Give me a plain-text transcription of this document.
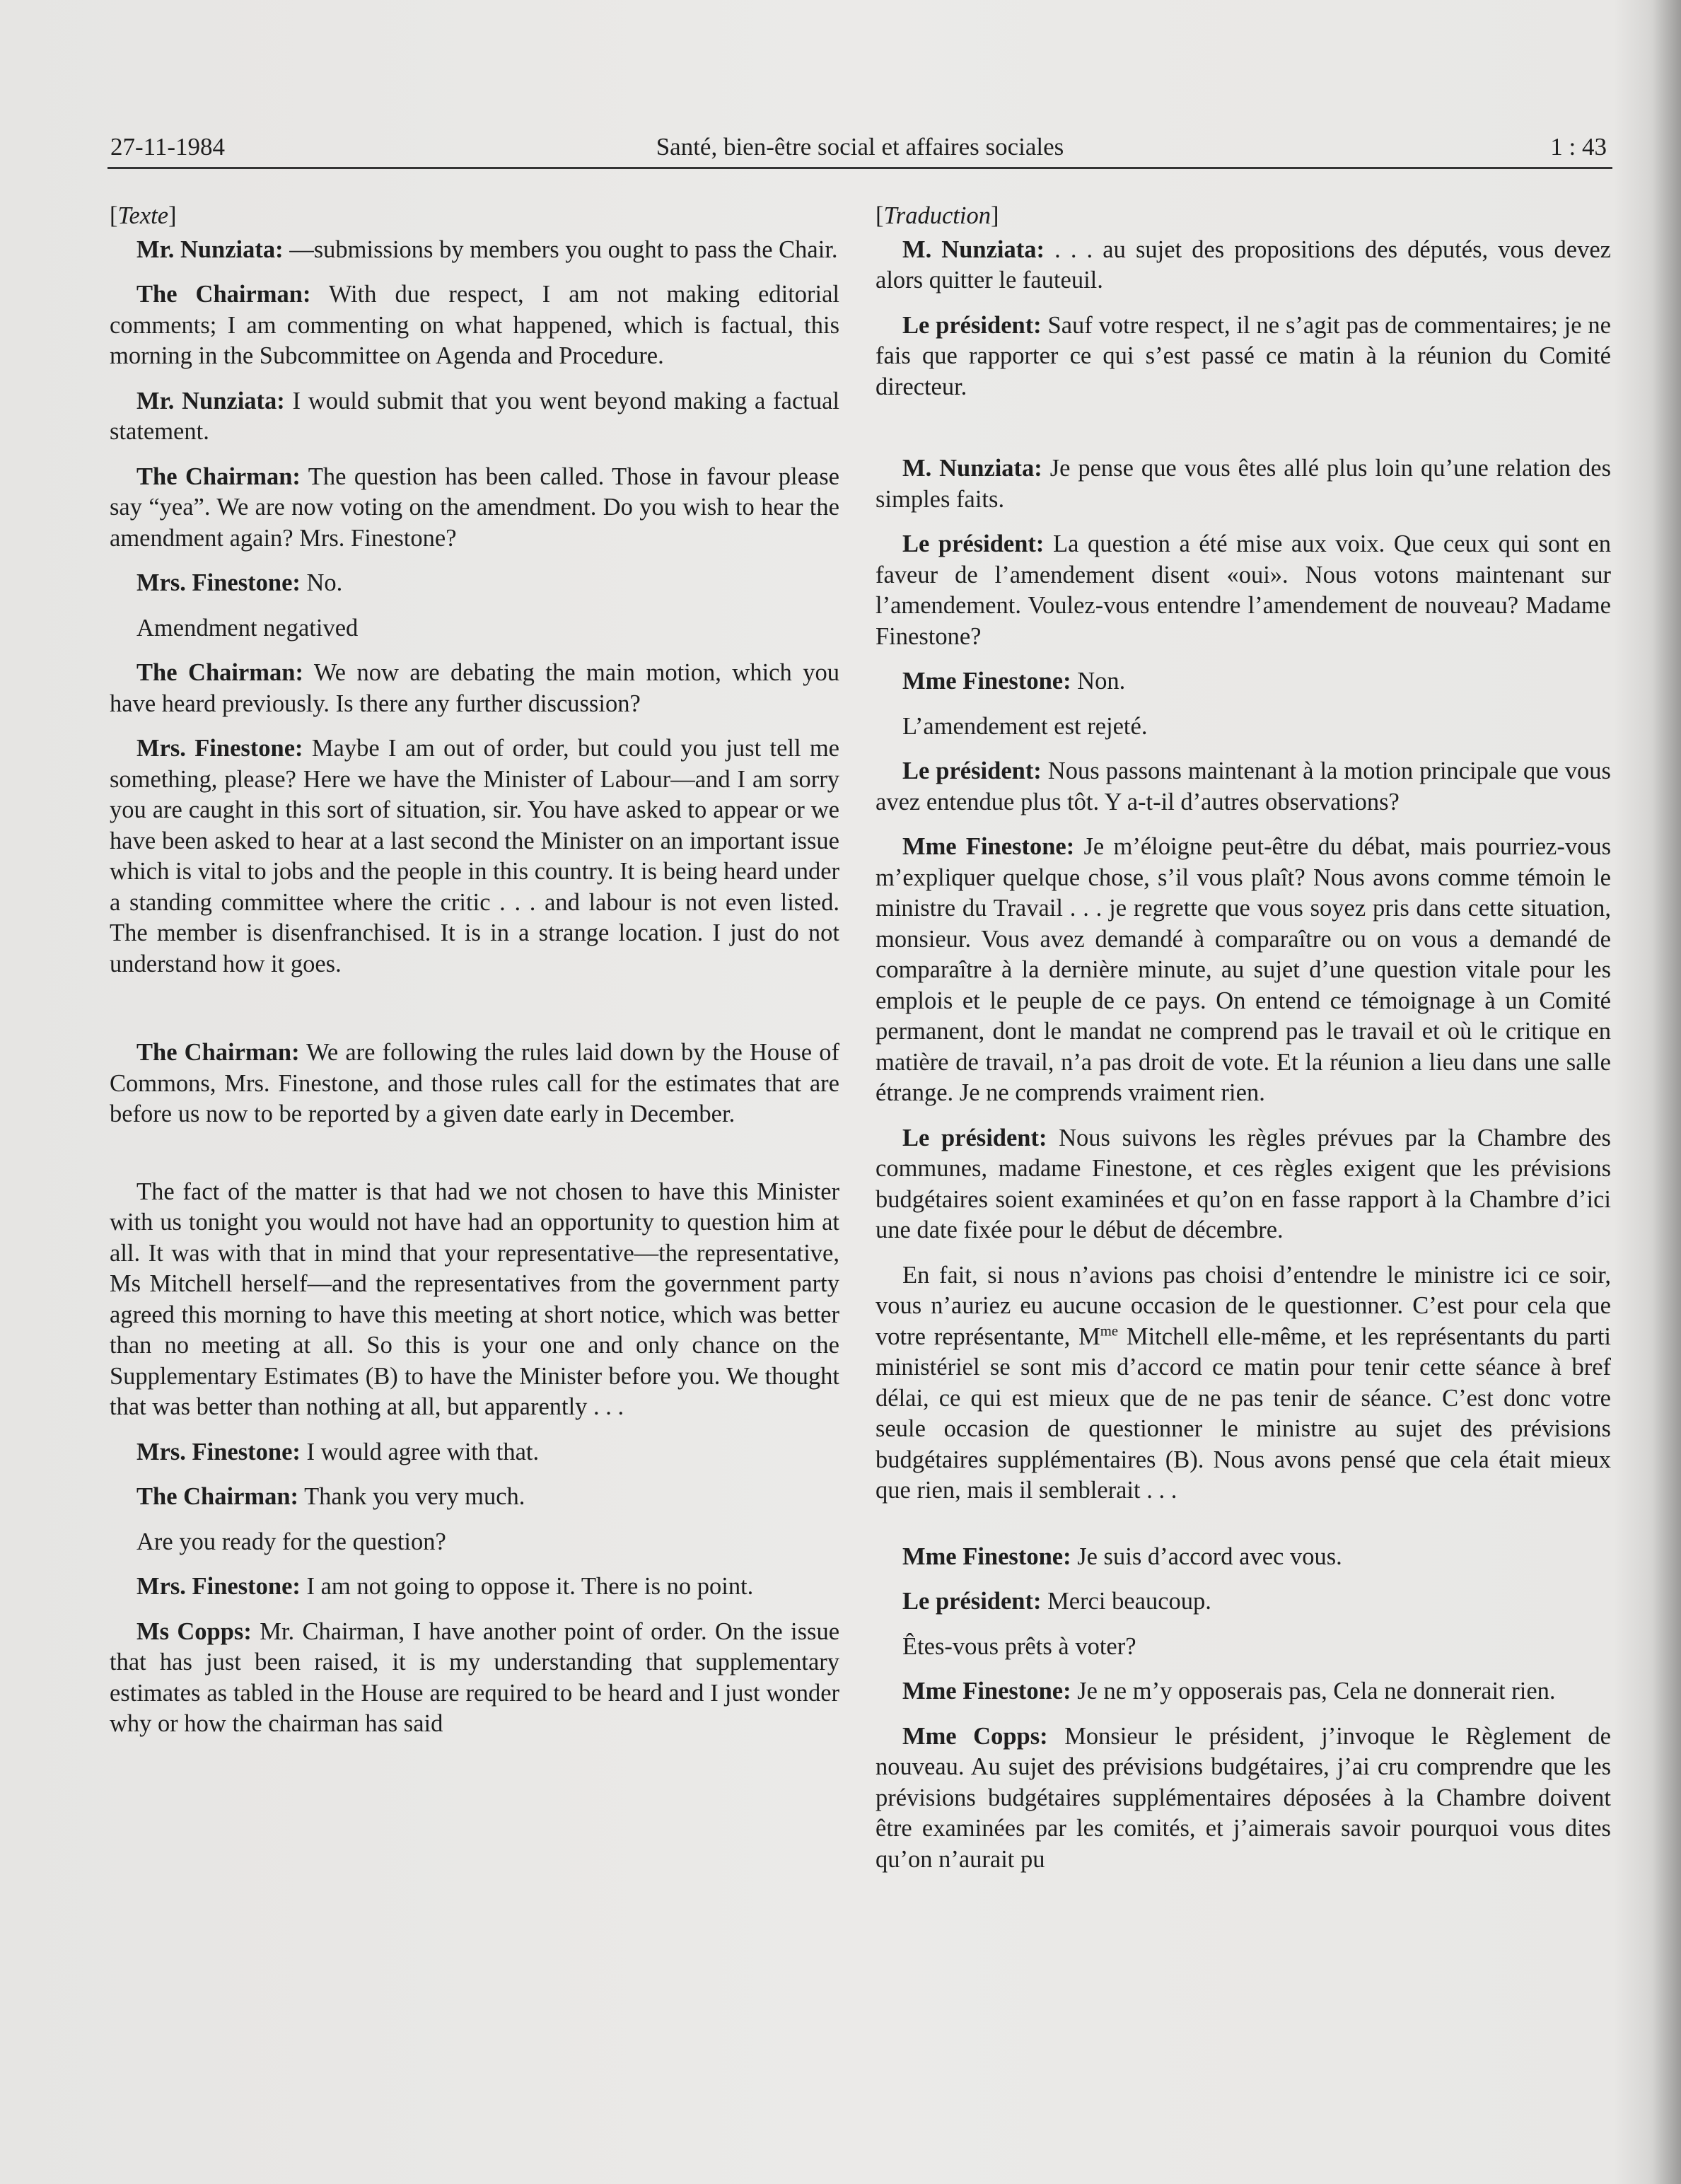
27-11-1984	Santé, bien-être social et affaires sociales	1 : 43
[Texte]

Mr. Nunziata: —submissions by members you ought to pass the Chair.

The Chairman: With due respect, I am not making editorial comments; I am commenting on what happened, which is factual, this morning in the Subcommittee on Agenda and Procedure.

Mr. Nunziata: I would submit that you went beyond making a factual statement.

The Chairman: The question has been called. Those in favour please say “yea”. We are now voting on the amendment. Do you wish to hear the amendment again? Mrs. Finestone?

Mrs. Finestone: No.

Amendment negatived

The Chairman: We now are debating the main motion, which you have heard previously. Is there any further discussion?

Mrs. Finestone: Maybe I am out of order, but could you just tell me something, please? Here we have the Minister of Labour—and I am sorry you are caught in this sort of situation, sir. You have asked to appear or we have been asked to hear at a last second the Minister on an important issue which is vital to jobs and the people in this country. It is being heard under a standing committee where the critic . . . and labour is not even listed. The member is disenfranchised. It is in a strange location. I just do not understand how it goes.

The Chairman: We are following the rules laid down by the House of Commons, Mrs. Finestone, and those rules call for the estimates that are before us now to be reported by a given date early in December.

The fact of the matter is that had we not chosen to have this Minister with us tonight you would not have had an opportunity to question him at all. It was with that in mind that your representative—the representative, Ms Mitchell herself—and the representatives from the government party agreed this morning to have this meeting at short notice, which was better than no meeting at all. So this is your one and only chance on the Supplementary Estimates (B) to have the Minister before you. We thought that was better than nothing at all, but apparently . . .

Mrs. Finestone: I would agree with that.

The Chairman: Thank you very much.

Are you ready for the question?

Mrs. Finestone: I am not going to oppose it. There is no point.

Ms Copps: Mr. Chairman, I have another point of order. On the issue that has just been raised, it is my understanding that supplementary estimates as tabled in the House are required to be heard and I just wonder why or how the chairman has said

[Traduction]

M. Nunziata: . . . au sujet des propositions des députés, vous devez alors quitter le fauteuil.

Le président: Sauf votre respect, il ne s’agit pas de commentaires; je ne fais que rapporter ce qui s’est passé ce matin à la réunion du Comité directeur.

M. Nunziata: Je pense que vous êtes allé plus loin qu’une relation des simples faits.

Le président: La question a été mise aux voix. Que ceux qui sont en faveur de l’amendement disent «oui». Nous votons maintenant sur l’amendement. Voulez-vous entendre l’amendement de nouveau? Madame Finestone?

Mme Finestone: Non.

L’amendement est rejeté.

Le président: Nous passons maintenant à la motion principale que vous avez entendue plus tôt. Y a-t-il d’autres observations?

Mme Finestone: Je m’éloigne peut-être du débat, mais pourriez-vous m’expliquer quelque chose, s’il vous plaît? Nous avons comme témoin le ministre du Travail . . . je regrette que vous soyez pris dans cette situation, monsieur. Vous avez demandé à comparaître ou on vous a demandé de comparaître à la dernière minute, au sujet d’une question vitale pour les emplois et le peuple de ce pays. On entend ce témoignage à un Comité permanent, dont le mandat ne comprend pas le travail et où le critique en matière de travail, n’a pas droit de vote. Et la réunion a lieu dans une salle étrange. Je ne comprends vraiment rien.

Le président: Nous suivons les règles prévues par la Chambre des communes, madame Finestone, et ces règles exigent que les prévisions budgétaires soient examinées et qu’on en fasse rapport à la Chambre d’ici une date fixée pour le début de décembre.

En fait, si nous n’avions pas choisi d’entendre le ministre ici ce soir, vous n’auriez eu aucune occasion de le questionner. C’est pour cela que votre représentante, $M^{me}$ Mitchell elle-même, et les représentants du parti ministériel se sont mis d’accord ce matin pour tenir cette séance à bref délai, ce qui est mieux que de ne pas tenir de séance. C’est donc votre seule occasion de questionner le ministre au sujet des prévisions budgétaires supplémentaires (B). Nous avons pensé que cela était mieux que rien, mais il semblerait . . .

Mme Finestone: Je suis d’accord avec vous.

Le président: Merci beaucoup.

Êtes-vous prêts à voter?

Mme Finestone: Je ne m’y opposerais pas, Cela ne donnerait rien.

Mme Copps: Monsieur le président, j’invoque le Règlement de nouveau. Au sujet des prévisions budgétaires, j’ai cru comprendre que les prévisions budgétaires supplémentaires déposées à la Chambre doivent être examinées par les comités, et j’aimerais savoir pourquoi vous dites qu’on n’aurait pu
